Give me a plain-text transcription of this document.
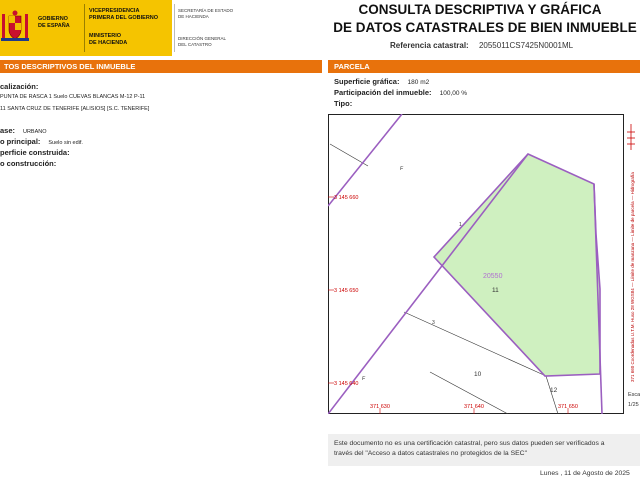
GOBIERNO
DE ESPAÑA
VICEPRESIDENCIA
PRIMERA DEL GOBIERNO
MINISTERIO
DE HACIENDA
SECRETARÍA DE ESTADO
DE HACIENDA
DIRECCIÓN GENERAL
DEL CATASTRO
CONSULTA DESCRIPTIVA Y GRÁFICA
DE DATOS CATASTRALES DE BIEN INMUEBLE
Referencia catastral: 2055011CS7425N0001ML
TOS DESCRIPTIVOS DEL INMUEBLE	PARCELA
calización:
PUNTA DE RASCA 1 Suelo CUEVAS BLANCAS M-12 P-11
11 SANTA CRUZ DE TENERIFE [ALISIOS] [S.C. TENERIFE]
ase: URBANO
o principal: Suelo sin edif.
perficie construida:
o construcción:
Superficie gráfica: 180 m2
Participación del inmueble: 100,00 %
Tipo:
3 145 660
3 145 650
3 145 640
371 630	371 640	371 650
20550
11
10
12
3
1
F
F	371 660 Coordenadas U.T.M. Huso 28 WGS84 — Límite de manzana — Límite de parcela — Hidrografía
Esca
1/25
Este documento no es una certificación catastral, pero sus datos pueden ser verificados a
través del "Acceso a datos catastrales no protegidos de la SEC"
Lunes , 11 de Agosto de 2025
